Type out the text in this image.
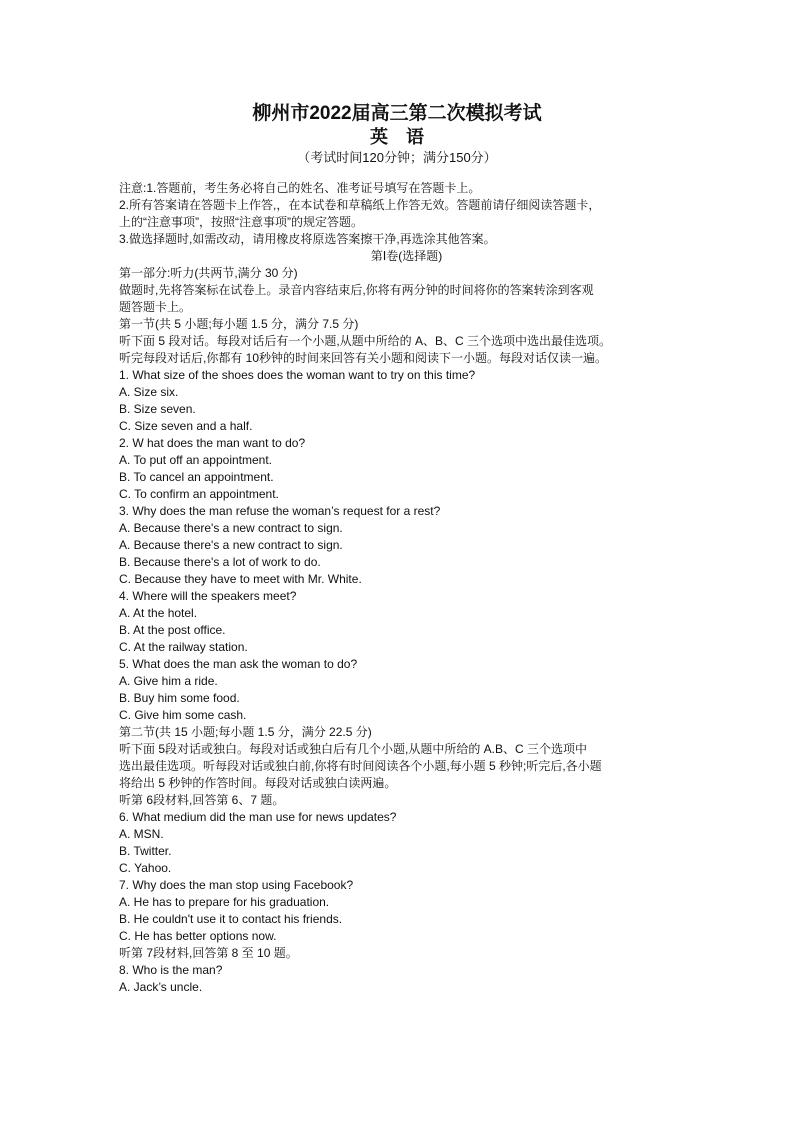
柳州市2022届高三第二次模拟考试
英语
（考试时间120分钟；满分150分）
注意:1.答题前，考生务必将自己的姓名、准考证号填写在答题卡上。
2.所有答案请在答题卡上作答,，在本试卷和草稿纸上作答无效。答题前请仔细阅读答题卡，
上的“注意事项”，按照“注意事项”的规定答题。
3.做选择题时,如需改动，请用橡皮将原选答案擦干净,再选涂其他答案。
第Ⅰ卷(选择题)
第一部分:听力(共两节,满分 30 分)
做题时,先将答案标在试卷上。录音内容结束后,你将有两分钟的时间将你的答案转涂到客观
题答题卡上。
第一节(共 5 小题;每小题 1.5 分，满分 7.5 分)
听下面 5 段对话。每段对话后有一个小题,从题中所给的 A、B、C 三个选项中选出最佳选项。
听完每段对话后,你都有 10秒钟的时间来回答有关小题和阅读下一小题。每段对话仅读一遍。
1. What size of the shoes does the woman want to try on this time?
A. Size six.
B. Size seven.
C. Size seven and a half.
2. W hat does the man want to do?
A. To put off an appointment.
B. To cancel an appointment.
C. To confirm an appointment.
3. Why does the man refuse the woman’s request for a rest?
A. Because there's a new contract to sign.
A. Because there's a new contract to sign.
B. Because there's a lot of work to do.
C. Because they have to meet with Mr. White.
4. Where will the speakers meet?
A. At the hotel.
B. At the post office.
C. At the railway station.
5. What does the man ask the woman to do?
A. Give him a ride.
B. Buy him some food.
C. Give him some cash.
第二节(共 15 小题;每小题 1.5 分，满分 22.5 分)
听下面 5段对话或独白。每段对话或独白后有几个小题,从题中所给的 A.B、C 三个选项中
选出最佳选项。听每段对话或独白前,你将有时间阅读各个小题,每小题 5 秒钟;听完后,各小题
将给出 5 秒钟的作答时间。每段对话或独白读两遍。
听第 6段材料,回答第 6、7 题。
6. What medium did the man use for news updates?
A. MSN.
B. Twitter.
C. Yahoo.
7. Why does the man stop using Facebook?
A. He has to prepare for his graduation.
B. He couldn't use it to contact his friends.
C. He has better options now.
听第 7段材料,回答第 8 至 10 题。
8. Who is the man?
A. Jack’s uncle.
